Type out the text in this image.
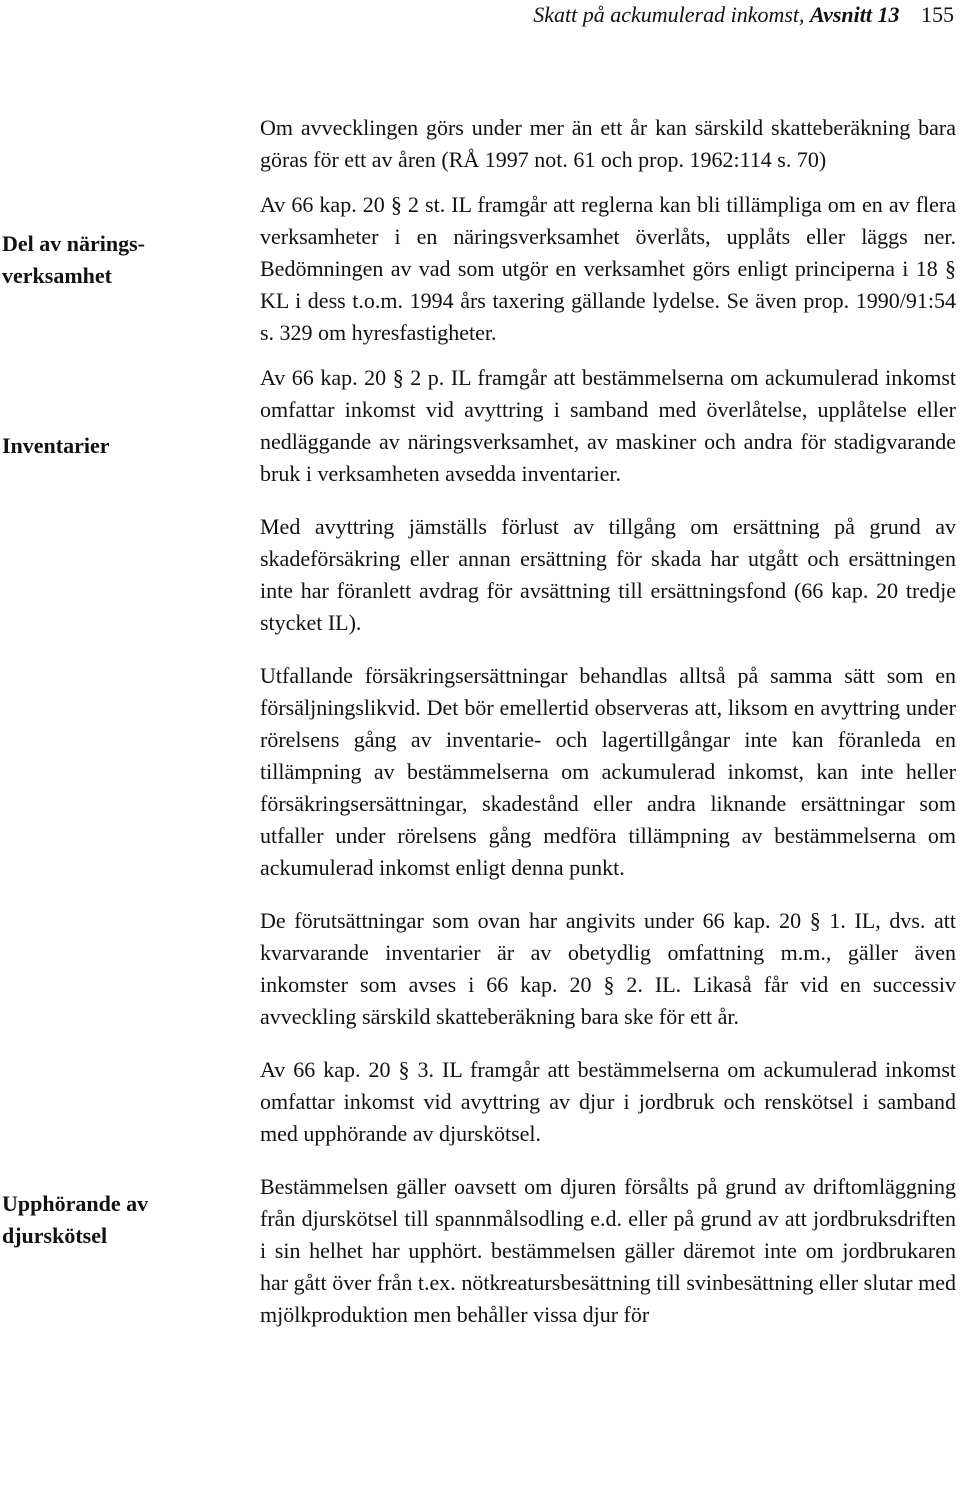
Skatt på ackumulerad inkomst, Avsnitt 13 155
Del av närings- verksamhet
Inventarier
Upphörande av djurskötsel

Om avvecklingen görs under mer än ett år kan särskild skatteberäkning bara göras för ett av åren (RÅ 1997 not. 61 och prop. 1962:114 s. 70)

Av 66 kap. 20 § 2 st. IL framgår att reglerna kan bli tillämpliga om en av flera verksamheter i en näringsverksamhet överlåts, upplåts eller läggs ner. Bedömningen av vad som utgör en verksamhet görs enligt principerna i 18 § KL i dess t.o.m. 1994 års taxering gällande lydelse. Se även prop. 1990/91:54 s. 329 om hyresfastigheter.

Av 66 kap. 20 § 2 p. IL framgår att bestämmelserna om ackumulerad inkomst omfattar inkomst vid avyttring i samband med överlåtelse, upplåtelse eller nedläggande av näringsverksamhet, av maskiner och andra för stadigvarande bruk i verksamheten avsedda inventarier.

Med avyttring jämställs förlust av tillgång om ersättning på grund av skadeförsäkring eller annan ersättning för skada har utgått och ersättningen inte har föranlett avdrag för avsättning till ersättningsfond (66 kap. 20 tredje stycket IL).

Utfallande försäkringsersättningar behandlas alltså på samma sätt som en försäljningslikvid. Det bör emellertid observeras att, liksom en avyttring under rörelsens gång av inventarie- och lagertillgångar inte kan föranleda en tillämpning av bestämmelserna om ackumulerad inkomst, kan inte heller försäkringsersättningar, skadestånd eller andra liknande ersättningar som utfaller under rörelsens gång medföra tillämpning av bestämmelserna om ackumulerad inkomst enligt denna punkt.

De förutsättningar som ovan har angivits under 66 kap. 20 § 1. IL, dvs. att kvarvarande inventarier är av obetydlig omfattning m.m., gäller även inkomster som avses i 66 kap. 20 § 2. IL. Likaså får vid en successiv avveckling särskild skatteberäkning bara ske för ett år.

Av 66 kap. 20 § 3. IL framgår att bestämmelserna om ackumulerad inkomst omfattar inkomst vid avyttring av djur i jordbruk och renskötsel i samband med upphörande av djurskötsel.

Bestämmelsen gäller oavsett om djuren försålts på grund av driftomläggning från djurskötsel till spannmålsodling e.d. eller på grund av att jordbruksdriften i sin helhet har upphört. bestämmelsen gäller däremot inte om jordbrukaren har gått över från t.ex. nötkreatursbesättning till svinbesättning eller slutar med mjölkproduktion men behåller vissa djur för
